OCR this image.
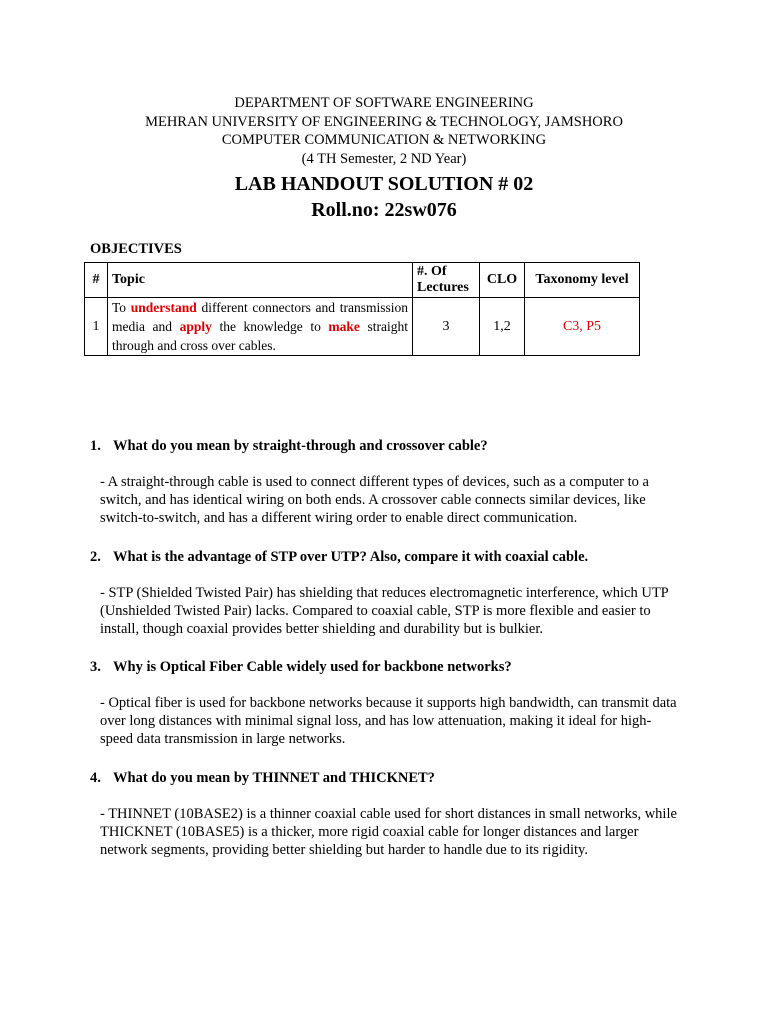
DEPARTMENT OF SOFTWARE ENGINEERING
MEHRAN UNIVERSITY OF ENGINEERING & TECHNOLOGY, JAMSHORO
COMPUTER COMMUNICATION & NETWORKING
(4 TH Semester, 2 ND Year)
LAB HANDOUT SOLUTION # 02
Roll.no: 22sw076
OBJECTIVES
#	Topic	#. Of Lectures	CLO	Taxonomy level
1	To understand different connectors and transmission media and apply the knowledge to make straight through and cross over cables.	3	1,2	C3, P5
1. What do you mean by straight-through and crossover cable?
- A straight-through cable is used to connect different types of devices, such as a computer to a switch, and has identical wiring on both ends. A crossover cable connects similar devices, like switch-to-switch, and has a different wiring order to enable direct communication.
2. What is the advantage of STP over UTP? Also, compare it with coaxial cable.
- STP (Shielded Twisted Pair) has shielding that reduces electromagnetic interference, which UTP (Unshielded Twisted Pair) lacks. Compared to coaxial cable, STP is more flexible and easier to install, though coaxial provides better shielding and durability but is bulkier.
3. Why is Optical Fiber Cable widely used for backbone networks?
- Optical fiber is used for backbone networks because it supports high bandwidth, can transmit data over long distances with minimal signal loss, and has low attenuation, making it ideal for high-speed data transmission in large networks.
4. What do you mean by THINNET and THICKNET?
- THINNET (10BASE2) is a thinner coaxial cable used for short distances in small networks, while THICKNET (10BASE5) is a thicker, more rigid coaxial cable for longer distances and larger network segments, providing better shielding but harder to handle due to its rigidity.
